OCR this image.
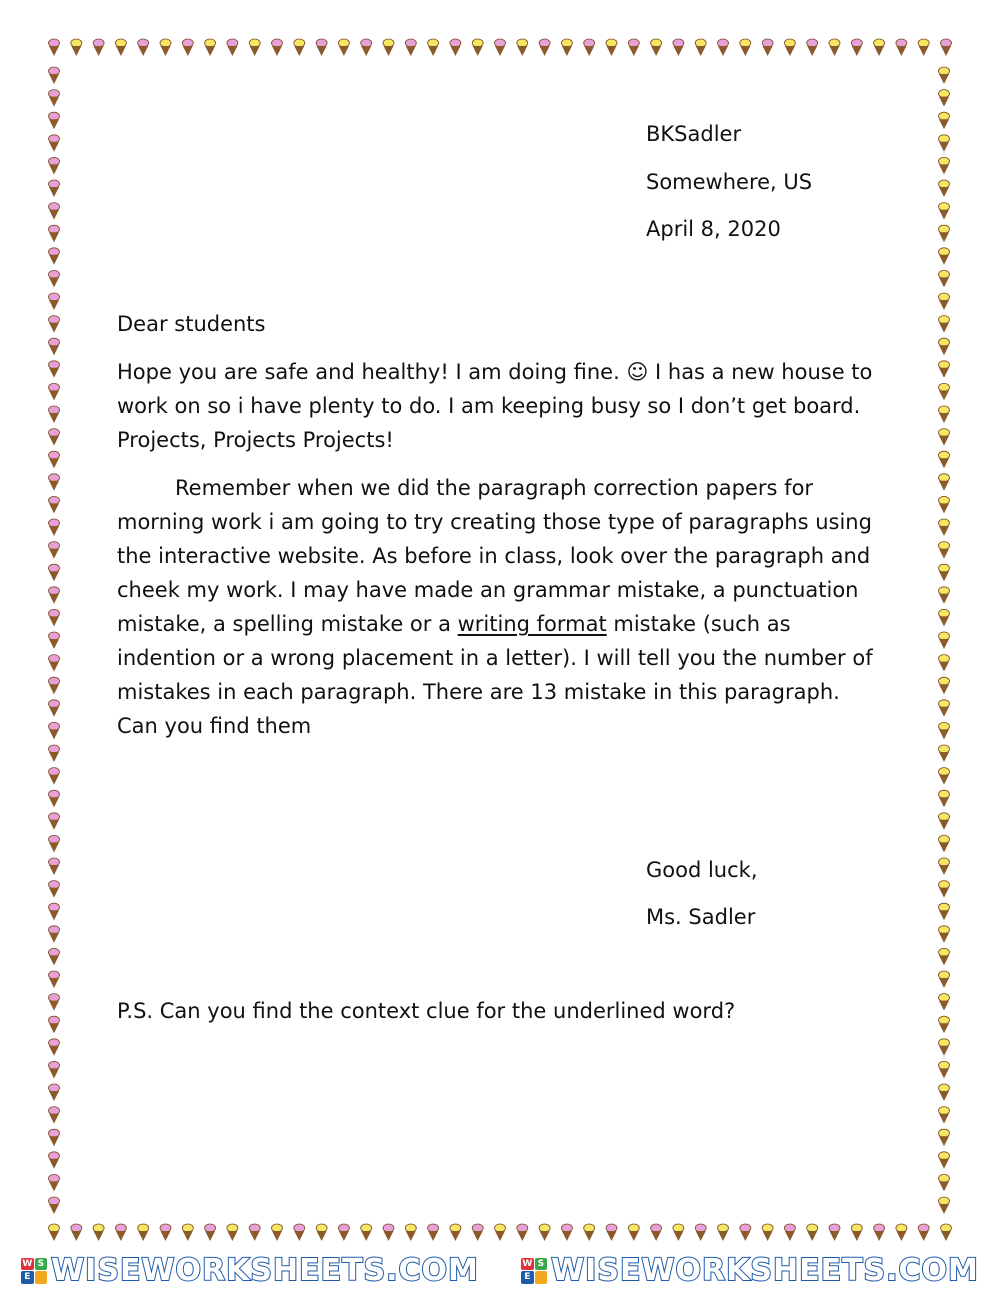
BKSadler
Somewhere, US
April 8, 2020
Dear students
Hope you are safe and healthy! I am doing fine. ☺ I has a new house to work on so i have plenty to do. I am keeping busy so I don’t get board. Projects, Projects Projects!
Remember when we did the paragraph correction papers for morning work i am going to try creating those type of paragraphs using the interactive website. As before in class, look over the paragraph and cheek my work. I may have made an grammar mistake, a punctuation mistake, a spelling mistake or a writing format mistake (such as indention or a wrong placement in a letter). I will tell you the number of mistakes in each paragraph. There are 13 mistake in this paragraph. Can you find them
Good luck,
Ms. Sadler
P.S. Can you find the context clue for the underlined word?
W S
E WISEWORKSHEETS.COM	W S
E WISEWORKSHEETS.COM
